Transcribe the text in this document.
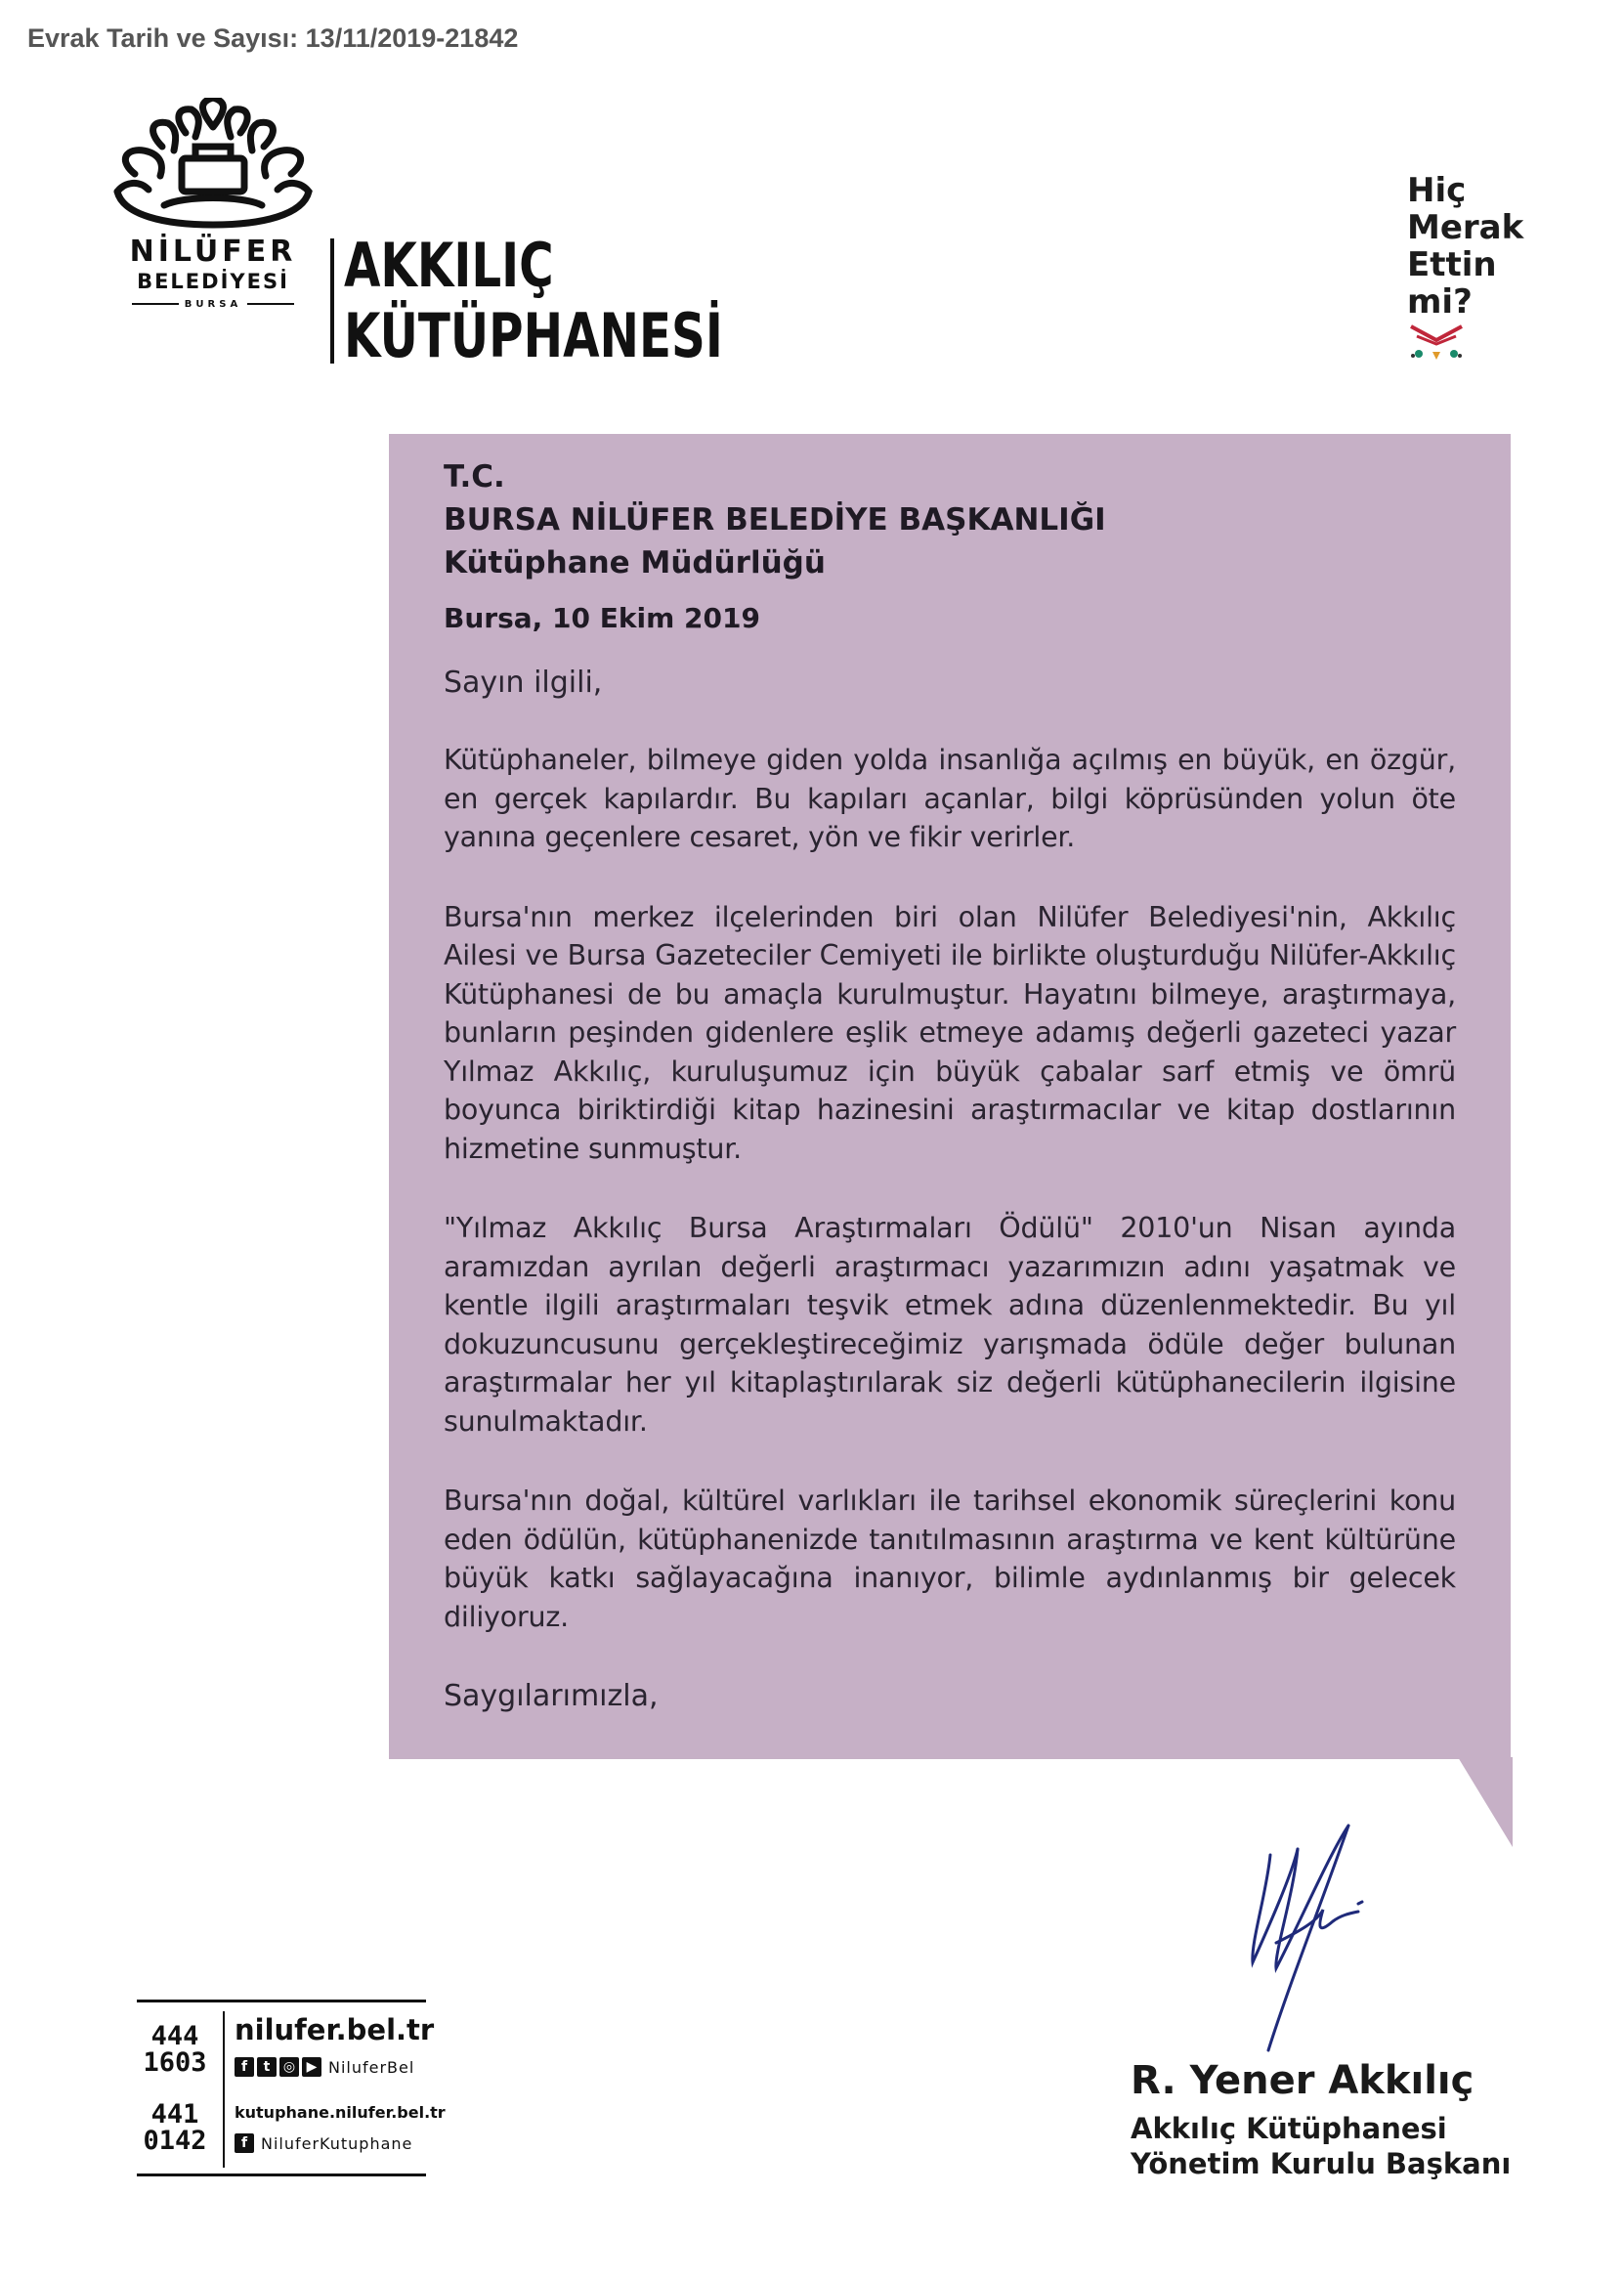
Evrak Tarih ve Sayısı: 13/11/2019-21842
NİLÜFER
BELEDİYESİ
BURSA
AKKILIÇ
KÜTÜPHANESİ
Hiç
Merak
Ettin
mi?
T.C.
BURSA NİLÜFER BELEDİYE BAŞKANLIĞI
Kütüphane Müdürlüğü
Bursa, 10 Ekim 2019
Sayın ilgili,
Kütüphaneler, bilmeye giden yolda insanlığa açılmış en büyük, en özgür, en gerçek kapılardır. Bu kapıları açanlar, bilgi köprüsünden yolun öte yanına geçenlere cesaret, yön ve fikir verirler.
Bursa'nın merkez ilçelerinden biri olan Nilüfer Belediyesi'nin, Akkılıç Ailesi ve Bursa Gazeteciler Cemiyeti ile birlikte oluşturduğu Nilüfer-Akkılıç Kütüphanesi de bu amaçla kurulmuştur. Hayatını bilmeye, araştırmaya, bunların peşinden gidenlere eşlik etmeye adamış değerli gazeteci yazar Yılmaz Akkılıç, kuruluşumuz için büyük çabalar sarf etmiş ve ömrü boyunca biriktirdiği kitap hazinesini araştırmacılar ve kitap dostlarının hizmetine sunmuştur.
"Yılmaz Akkılıç Bursa Araştırmaları Ödülü" 2010'un Nisan ayında aramızdan ayrılan değerli araştırmacı yazarımızın adını yaşatmak ve kentle ilgili araştırmaları teşvik etmek adına düzenlenmektedir. Bu yıl dokuzuncusunu gerçekleştireceğimiz yarışmada ödüle değer bulunan araştırmalar her yıl kitaplaştırılarak siz değerli kütüphanecilerin ilgisine sunulmaktadır.
Bursa'nın doğal, kültürel varlıkları ile tarihsel ekonomik süreçlerini konu eden ödülün, kütüphanenizde tanıtılmasının araştırma ve kent kültürüne büyük katkı sağlayacağına inanıyor, bilimle aydınlanmış bir gelecek diliyoruz.
Saygılarımızla,
R. Yener Akkılıç
Akkılıç Kütüphanesi
Yönetim Kurulu Başkanı
444
1603
nilufer.bel.tr
f	t ◎ ▶ NiluferBel
441
0142
kutuphane.nilufer.bel.tr
f NiluferKutuphane
